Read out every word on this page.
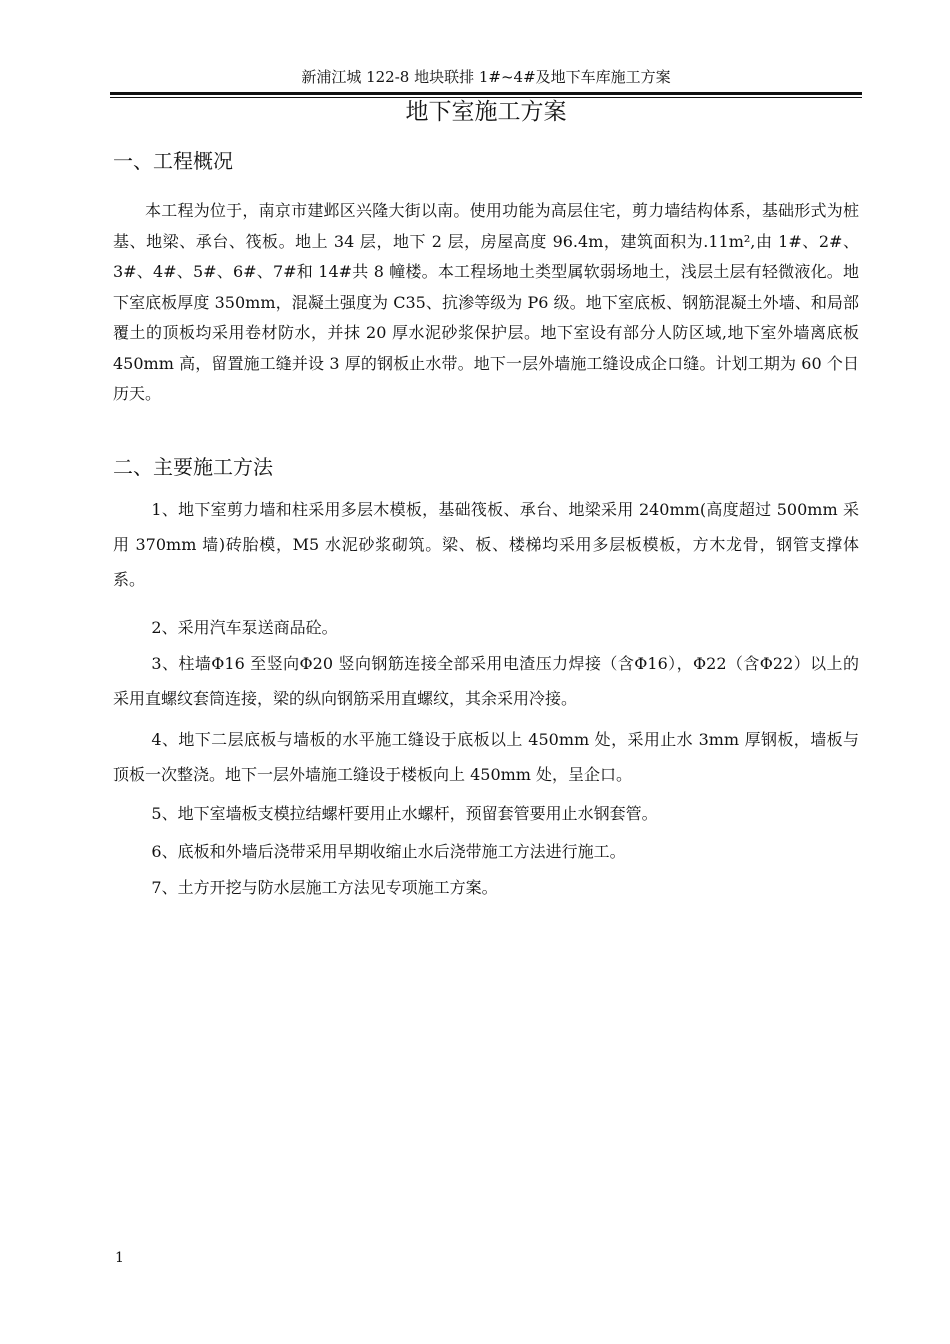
新浦江城 122-8 地块联排 1#~4#及地下车库施工方案
地下室施工方案
一、工程概况
本工程为位于，南京市建邺区兴隆大街以南。使用功能为高层住宅，剪力墙结构体系，基础形式为桩基、地梁、承台、筏板。地上 34 层，地下 2 层，房屋高度 96.4m，建筑面积为.11m²,由 1#、2#、3#、4#、5#、6#、7#和 14#共 8 幢楼。本工程场地土类型属软弱场地土，浅层土层有轻微液化。地下室底板厚度 350mm，混凝土强度为 C35、抗渗等级为 P6 级。地下室底板、钢筋混凝土外墙、和局部覆土的顶板均采用卷材防水，并抹 20 厚水泥砂浆保护层。地下室设有部分人防区域,地下室外墙离底板 450mm 高，留置施工缝并设 3 厚的钢板止水带。地下一层外墙施工缝设成企口缝。计划工期为 60 个日历天。
二、主要施工方法
1、地下室剪力墙和柱采用多层木模板，基础筏板、承台、地梁采用 240mm(高度超过 500mm 采用 370mm 墙)砖胎模，M5 水泥砂浆砌筑。梁、板、楼梯均采用多层板模板，方木龙骨，钢管支撑体系。
2、采用汽车泵送商品砼。
3、柱墙Φ16 至竖向Φ20 竖向钢筋连接全部采用电渣压力焊接（含Φ16），Φ22（含Φ22）以上的采用直螺纹套筒连接，梁的纵向钢筋采用直螺纹，其余采用冷接。
4、地下二层底板与墙板的水平施工缝设于底板以上 450mm 处，采用止水 3mm 厚钢板，墙板与顶板一次整浇。地下一层外墙施工缝设于楼板向上 450mm 处，呈企口。
5、地下室墙板支模拉结螺杆要用止水螺杆，预留套管要用止水钢套管。
6、底板和外墙后浇带采用早期收缩止水后浇带施工方法进行施工。
7、土方开挖与防水层施工方法见专项施工方案。
1
